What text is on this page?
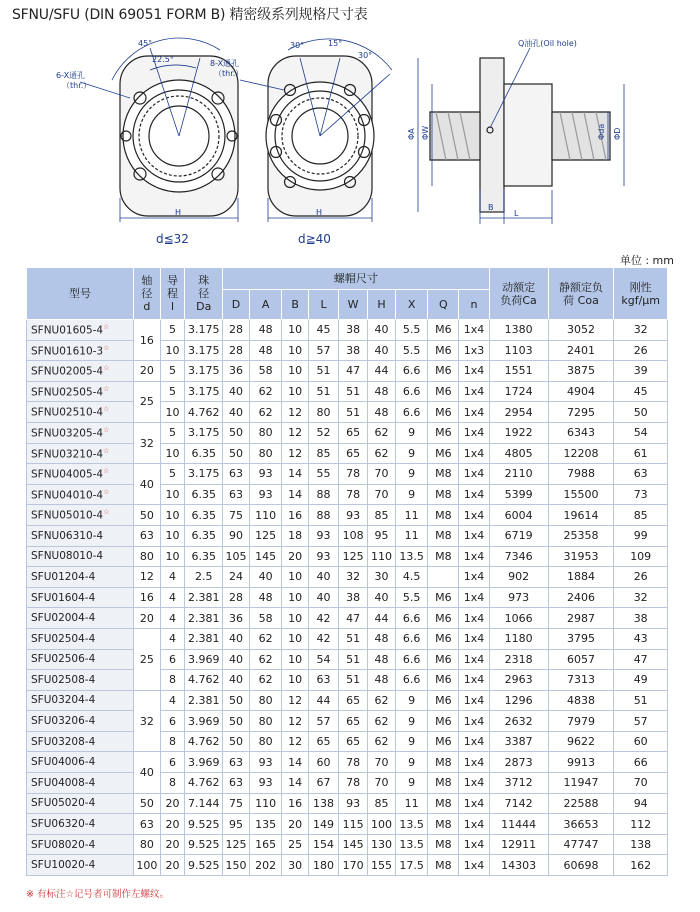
SFNU/SFU (DIN 69051 FORM B) 精密级系列规格尺寸表
45°
22.5°
6-X通孔
（thr.）
H
d≦32
30°	15°
30°
8-X通孔
（thr.）
H
d≧40
Q油孔(Oil hole)
ΦA ΦW	Φda ΦD
B
L
单位 : mm
型号	轴
径
d	导
程
l	珠
径
Da	螺帽尺寸									动额定
负荷Ca	静额定负
荷 Coa	刚性
kgf/μm
				D	A	B	L	W	H	X	Q	n			

SFNU01605-4☆	16	5	3.175	28	48	10	45	38	40	5.5	M6	1x4	1380	3052	32
SFNU01610-3☆		10	3.175	28	48	10	57	38	40	5.5	M6	1x3	1103	2401	26
SFNU02005-4☆	20	5	3.175	36	58	10	51	47	44	6.6	M6	1x4	1551	3875	39
SFNU02505-4☆	25	5	3.175	40	62	10	51	51	48	6.6	M6	1x4	1724	4904	45
SFNU02510-4☆		10	4.762	40	62	12	80	51	48	6.6	M6	1x4	2954	7295	50
SFNU03205-4☆	32	5	3.175	50	80	12	52	65	62	9	M6	1x4	1922	6343	54
SFNU03210-4☆		10	6.35	50	80	12	85	65	62	9	M6	1x4	4805	12208	61
SFNU04005-4☆	40	5	3.175	63	93	14	55	78	70	9	M8	1x4	2110	7988	63
SFNU04010-4☆		10	6.35	63	93	14	88	78	70	9	M8	1x4	5399	15500	73
SFNU05010-4☆	50	10	6.35	75	110	16	88	93	85	11	M8	1x4	6004	19614	85
SFNU06310-4	63	10	6.35	90	125	18	93	108	95	11	M8	1x4	6719	25358	99
SFNU08010-4	80	10	6.35	105	145	20	93	125	110	13.5	M8	1x4	7346	31953	109
SFU01204-4	12	4	2.5	24	40	10	40	32	30	4.5		1x4	902	1884	26
SFU01604-4	16	4	2.381	28	48	10	40	38	40	5.5	M6	1x4	973	2406	32
SFU02004-4	20	4	2.381	36	58	10	42	47	44	6.6	M6	1x4	1066	2987	38
SFU02504-4	25	4	2.381	40	62	10	42	51	48	6.6	M6	1x4	1180	3795	43
SFU02506-4		6	3.969	40	62	10	54	51	48	6.6	M6	1x4	2318	6057	47
SFU02508-4		8	4.762	40	62	10	63	51	48	6.6	M6	1x4	2963	7313	49
SFU03204-4	32	4	2.381	50	80	12	44	65	62	9	M6	1x4	1296	4838	51
SFU03206-4		6	3.969	50	80	12	57	65	62	9	M6	1x4	2632	7979	57
SFU03208-4		8	4.762	50	80	12	65	65	62	9	M6	1x4	3387	9622	60
SFU04006-4	40	6	3.969	63	93	14	60	78	70	9	M8	1x4	2873	9913	66
SFU04008-4		8	4.762	63	93	14	67	78	70	9	M8	1x4	3712	11947	70
SFU05020-4	50	20	7.144	75	110	16	138	93	85	11	M8	1x4	7142	22588	94
SFU06320-4	63	20	9.525	95	135	20	149	115	100	13.5	M8	1x4	11444	36653	112
SFU08020-4	80	20	9.525	125	165	25	154	145	130	13.5	M8	1x4	12911	47747	138
SFU10020-4	100	20	9.525	150	202	30	180	170	155	17.5	M8	1x4	14303	60698	162
※ 有标注☆记号者可制作左螺纹。
